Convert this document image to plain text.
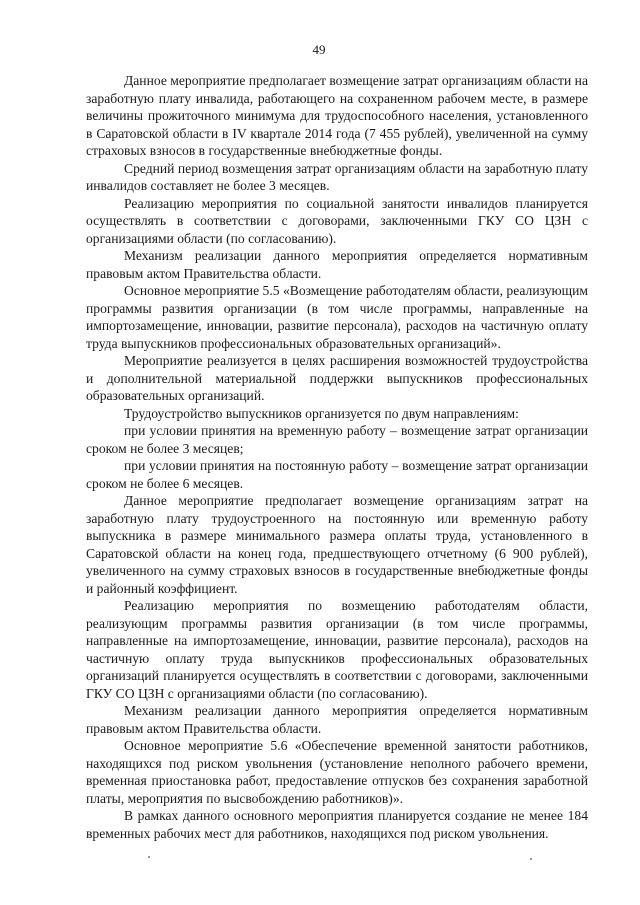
49

Данное мероприятие предполагает возмещение затрат организациям области на заработную плату инвалида, работающего на сохраненном рабочем месте, в размере величины прожиточного минимума для трудоспособного населения, установленного в Саратовской области в IV квартале 2014 года (7 455 рублей), увеличенной на сумму страховых взносов в государственные внебюджетные фонды.

Средний период возмещения затрат организациям области на заработную плату инвалидов составляет не более 3 месяцев.

Реализацию мероприятия по социальной занятости инвалидов планируется осуществлять в соответствии с договорами, заключенными ГКУ СО ЦЗН с организациями области (по согласованию).

Механизм реализации данного мероприятия определяется нормативным правовым актом Правительства области.

Основное мероприятие 5.5 «Возмещение работодателям области, реализующим программы развития организации (в том числе программы, направленные на импортозамещение, инновации, развитие персонала), расходов на частичную оплату труда выпускников профессиональных образовательных организаций».

Мероприятие реализуется в целях расширения возможностей трудоустройства и дополнительной материальной поддержки выпускников профессиональных образовательных организаций.

Трудоустройство выпускников организуется по двум направлениям:

при условии принятия на временную работу – возмещение затрат организации сроком не более 3 месяцев;

при условии принятия на постоянную работу – возмещение затрат организации сроком не более 6 месяцев.

Данное мероприятие предполагает возмещение организациям затрат на заработную плату трудоустроенного на постоянную или временную работу выпускника в размере минимального размера оплаты труда, установленного в Саратовской области на конец года, предшествующего отчетному (6 900 рублей), увеличенного на сумму страховых взносов в государственные внебюджетные фонды и районный коэффициент.

Реализацию мероприятия по возмещению работодателям области, реализующим программы развития организации (в том числе программы, направленные на импортозамещение, инновации, развитие персонала), расходов на частичную оплату труда выпускников профессиональных образовательных организаций планируется осуществлять в соответствии с договорами, заключенными ГКУ СО ЦЗН с организациями области (по согласованию).

Механизм реализации данного мероприятия определяется нормативным правовым актом Правительства области.

Основное мероприятие 5.6 «Обеспечение временной занятости работников, находящихся под риском увольнения (установление неполного рабочего времени, временная приостановка работ, предоставление отпусков без сохранения заработной платы, мероприятия по высвобождению работников)».

В рамках данного основного мероприятия планируется создание не менее 184 временных рабочих мест для работников, находящихся под риском увольнения.
